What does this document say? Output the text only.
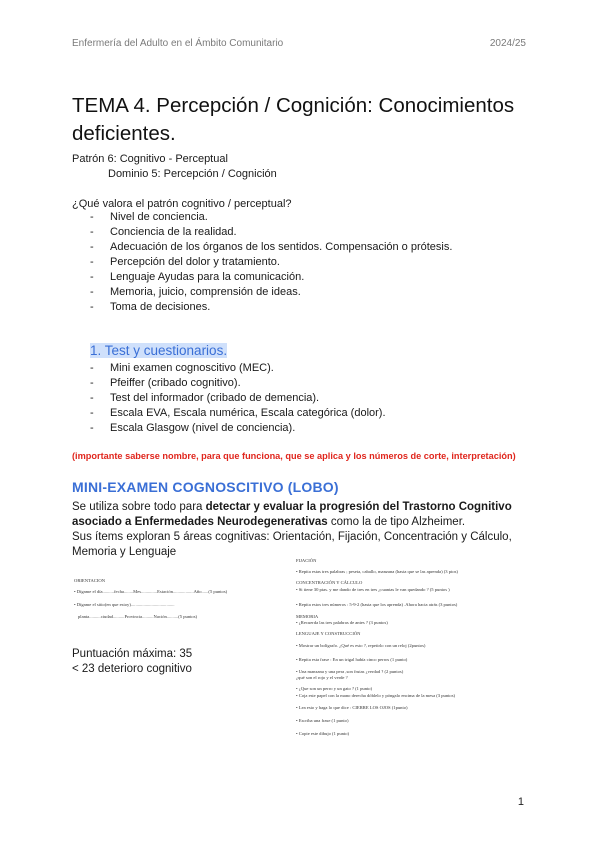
Enfermería del Adulto en el Ámbito Comunitario	2024/25
TEMA 4. Percepción / Cognición: Conocimientos deficientes.
Patrón 6: Cognitivo - Perceptual
Dominio 5: Percepción / Cognición
¿Qué valora el patrón cognitivo / perceptual?
- Nivel de conciencia.
- Conciencia de la realidad.
- Adecuación de los órganos de los sentidos. Compensación o prótesis.
- Percepción del dolor y tratamiento.
- Lenguaje Ayudas para la comunicación.
- Memoria, juicio, comprensión de ideas.
- Toma de decisiones.
1. Test y cuestionarios.
- Mini examen cognoscitivo (MEC).
- Pfeiffer (cribado cognitivo).
- Test del informador (cribado de demencia).
- Escala EVA, Escala numérica, Escala categórica (dolor).
- Escala Glasgow (nivel de conciencia).
(importante saberse nombre, para que funciona, que se aplica y los números de corte, interpretación)
MINI-EXAMEN COGNOSCITIVO (LOBO)
Se utiliza sobre todo para detectar y evaluar la progresión del Trastorno Cognitivo asociado a Enfermedades Neurodegenerativas como la de tipo Alzheimer.
Sus ítems exploran 5 áreas cognitivas: Orientación, Fijación, Concentración y Cálculo, Memoria y Lenguaje
ORIENTACION
• Dígame el día..........fecha........Mes..............Estación..................Año......(5 puntos)
• Dígame el sitio(en que estoy)......................................
planta..........ciudad..........Provincia..........Nación..........(5 puntos)
Puntuación máxima: 35
< 23 deterioro cognitivo
FIJACIÓN
• Repita estas tres palabras ; peseta, caballo, manzana (hasta que se las aprenda) (3 ptos)
CONCENTRACIÓN Y CÁLCULO
• Si tiene 30 ptas. y me dando de tres en tres ¿cuantas le van quedando ? (5 puntos )
• Repita estos tres números : 5-9-2 (hasta que los aprenda) .Ahora hacia atrás (3 puntos)
MEMORIA
• ¿Recuerda las tres palabras de antes ? (3 puntos)
LENGUAJE Y CONSTRUCCIÓN
• Mostrar un bolígrafo. ¿Qué es esto ?, repetirlo con un reloj (2puntos)
• Repita esta frase : En un trigal había cinco perros (1 punto)
• Una manzana y una pera ,son frutas ¿verdad ? (2 puntos)
¿qué son el rojo y el verde ?
• ¿Que son un perro y un gato ? (1 punto)
• Coja este papel con la mano derecha dóblelo y póngalo encima de la mesa (3 puntos)
• Lea esto y haga lo que dice : CIERRE LOS OJOS (1punto)
• Escriba una frase (1 punto)
• Copie este dibujo (1 punto)
1
